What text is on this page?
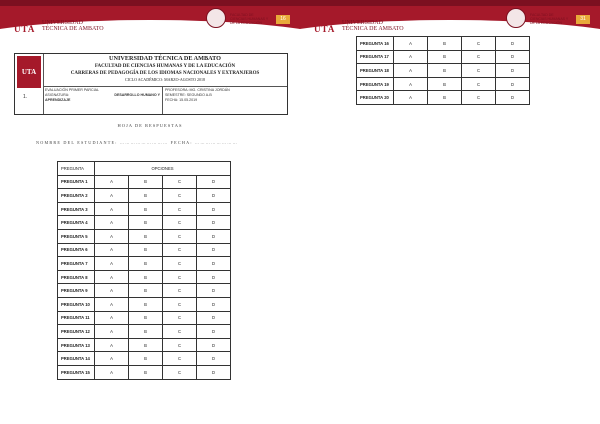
UTA
UNIVERSIDAD
TÉCNICA DE AMBATO
FACULTAD DE CIENCIAS HUMANAS Y DE LA EDUCACIÓN
16
UTA
1.
UNIVERSIDAD TÉCNICA DE AMBATO
FACULTAD DE CIENCIAS HUMANAS Y DE LA EDUCACIÓN
CARRERAS DE PEDAGOGÍA DE LOS IDIOMAS NACIONALES Y EXTRANJEROS
CICLO ACADÉMICO: MARZO-AGOSTO 2018
EVALUACIÓN PRIMER PARCIAL
ASIGNATURA:	DESARROLLO HUMANO Y
APRENDIZAJE
PROFESORA: MG. CRISTINA JORDÁN
SEMESTRE: SEGUNDO A-B
FECHA: 15.05.2019
HOJA DE RESPUESTAS
NOMBRE DEL ESTUDIANTE: ……………………… FECHA: ……………………
PREGUNTA	OPCIONES			
PREGUNTA 1	A	B	C	D
PREGUNTA 2	A	B	C	D
PREGUNTA 3	A	B	C	D
PREGUNTA 4	A	B	C	D
PREGUNTA 5	A	B	C	D
PREGUNTA 6	A	B	C	D
PREGUNTA 7	A	B	C	D
PREGUNTA 8	A	B	C	D
PREGUNTA 9	A	B	C	D
PREGUNTA 10	A	B	C	D
PREGUNTA 11	A	B	C	D
PREGUNTA 12	A	B	C	D
PREGUNTA 13	A	B	C	D
PREGUNTA 14	A	B	C	D
PREGUNTA 15	A	B	C	D
UTA
UNIVERSIDAD
TÉCNICA DE AMBATO
FACULTAD DE CIENCIAS HUMANAS Y DE LA EDUCACIÓN
31
PREGUNTA 16	A	B	C	D
PREGUNTA 17	A	B	C	D
PREGUNTA 18	A	B	C	D
PREGUNTA 19	A	B	C	D
PREGUNTA 20	A	B	C	D
